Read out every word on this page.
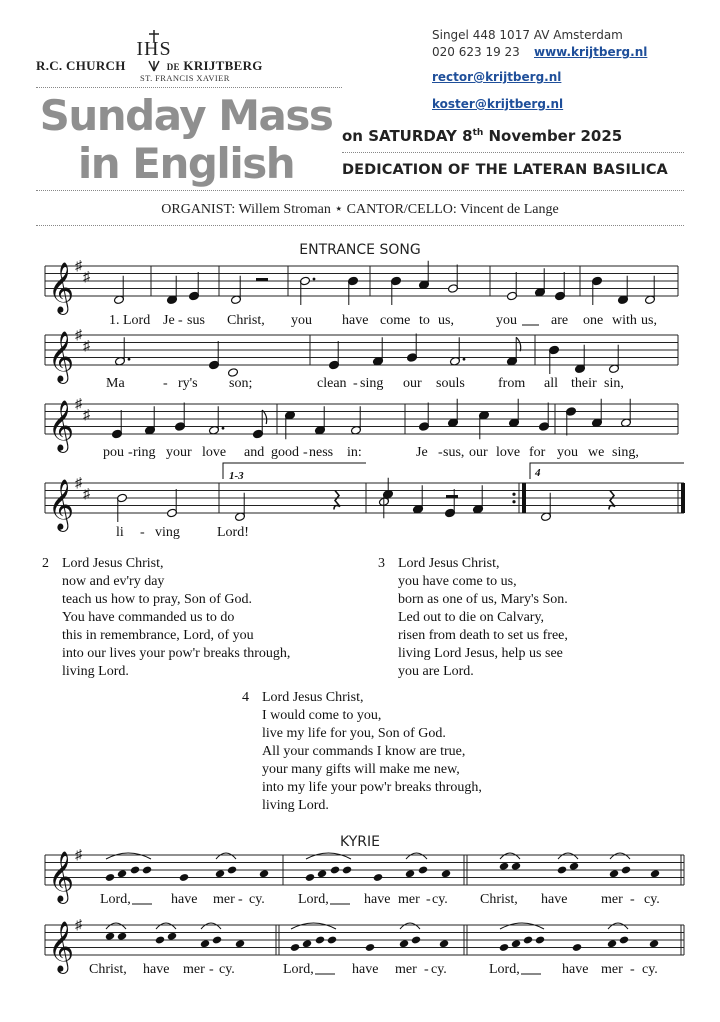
IHS
R.C. CHURCH	DE KRIJTBERG
ST. FRANCIS XAVIER
Singel 448 1017 AV Amsterdam
020 623 19 23 www.krijtberg.nl
rector@krijtberg.nl
koster@krijtberg.nl
Sunday Mass
in English
on SATURDAY 8th November 2025
DEDICATION OF THE LATERAN BASILICA
ORGANIST: Willem Stroman ⋆ CANTOR/CELLO: Vincent de Lange
ENTRANCE SONG
𝄞 ♯
♯
𝄞 ♯
♯
𝄞 ♯
♯
𝄞 ♯
♯
𝄞 ♯
𝄞 ♯
1. Lord Je - sus Christ, you have come to us,	you are one with us,
Ma	- ry's son;	clean - sing our souls from all their sin,
pou - ring your love and good - ness in:	Je - sus, our love for you we sing,
li - ving	Lord!
1-3	4
Lord,	have mer - cy. Lord,	have mer - cy. Christ, have mer - cy.
Christ, have mer - cy.	Lord,	have mer - cy.	Lord,	have mer - cy.
2 Lord Jesus Christ,
now and ev'ry day
teach us how to pray, Son of God.
You have commanded us to do
this in remembrance, Lord, of you
into our lives your pow'r breaks through,
living Lord.
3 Lord Jesus Christ,
you have come to us,
born as one of us, Mary's Son.
Led out to die on Calvary,
risen from death to set us free,
living Lord Jesus, help us see
you are Lord.
4 Lord Jesus Christ,
I would come to you,
live my life for you, Son of God.
All your commands I know are true,
your many gifts will make me new,
into my life your pow'r breaks through,
living Lord.
KYRIE
